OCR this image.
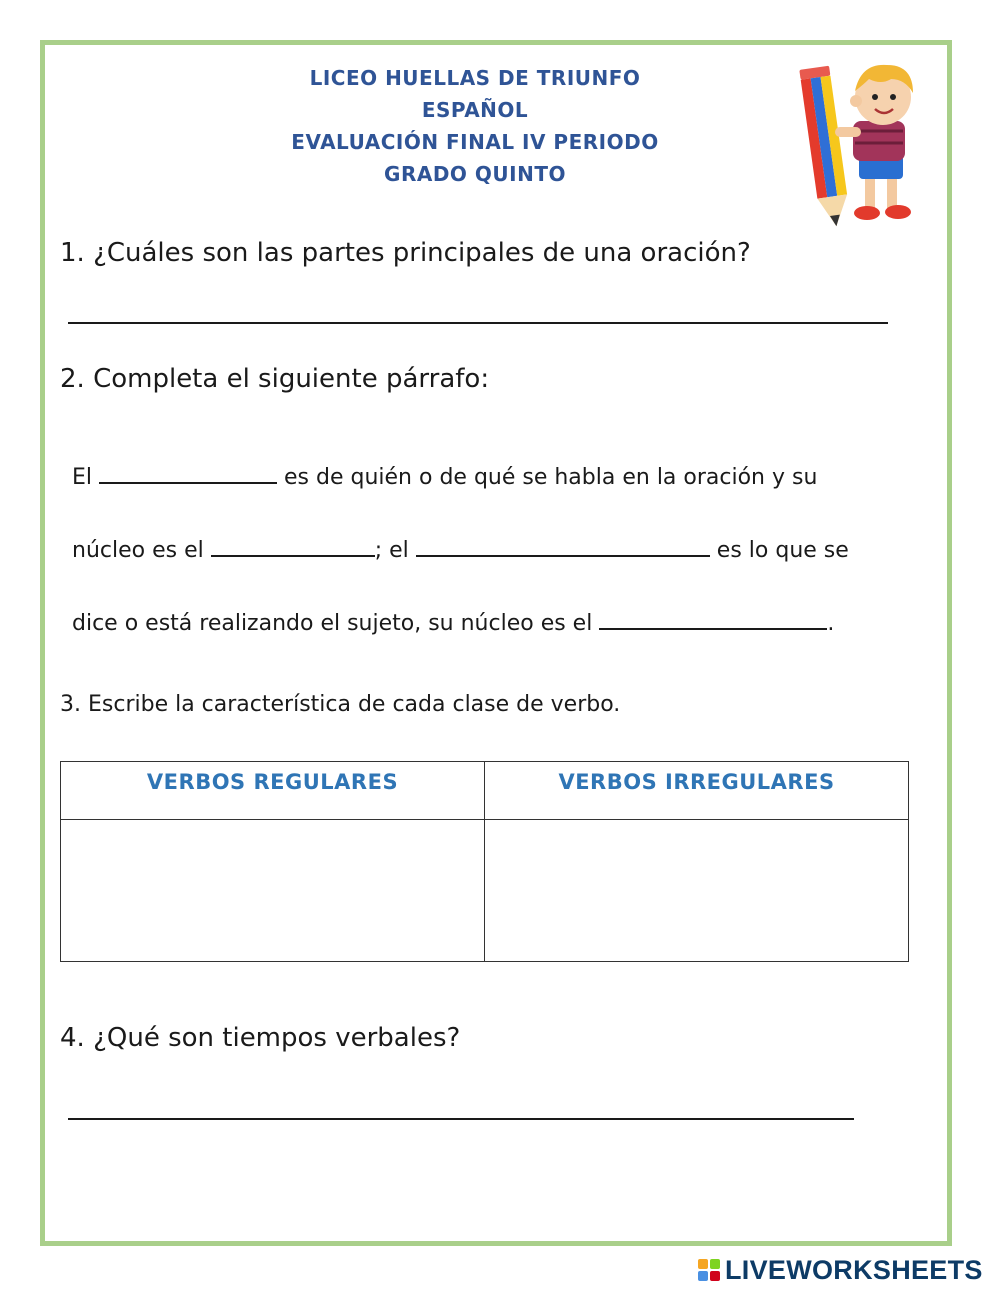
LICEO HUELLAS DE TRIUNFO
ESPAÑOL
EVALUACIÓN FINAL IV PERIODO
GRADO QUINTO
1. ¿Cuáles son las partes principales de una oración?
2. Completa el siguiente párrafo:
El	es de quién o de qué se habla en la oración y su
núcleo es el	; el	es lo que se
dice o está realizando el sujeto, su núcleo es el	.
3. Escribe la característica de cada clase de verbo.
VERBOS REGULARES	VERBOS IRREGULARES

4. ¿Qué son tiempos verbales?
LIVEWORKSHEETS
